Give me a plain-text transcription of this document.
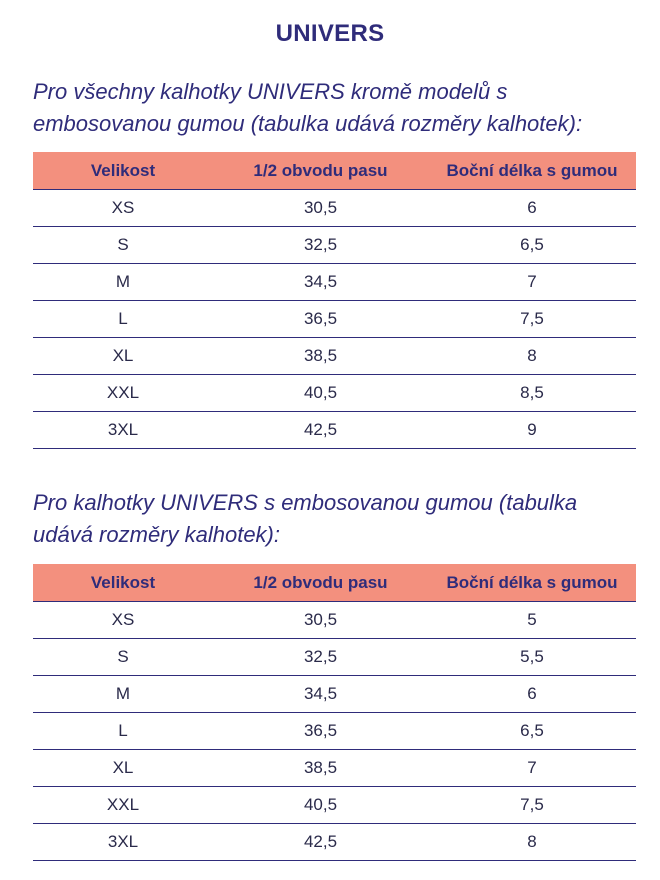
UNIVERS
Pro všechny kalhotky UNIVERS kromě modelů s embosovanou gumou (tabulka udává rozměry kalhotek):
Velikost	1/2 obvodu pasu	Boční délka s gumou
XS	30,5	6
S	32,5	6,5
M	34,5	7
L	36,5	7,5
XL	38,5	8
XXL	40,5	8,5
3XL	42,5	9
Pro kalhotky UNIVERS s embosovanou gumou (tabulka udává rozměry kalhotek):
Velikost	1/2 obvodu pasu	Boční délka s gumou
XS	30,5	5
S	32,5	5,5
M	34,5	6
L	36,5	6,5
XL	38,5	7
XXL	40,5	7,5
3XL	42,5	8
